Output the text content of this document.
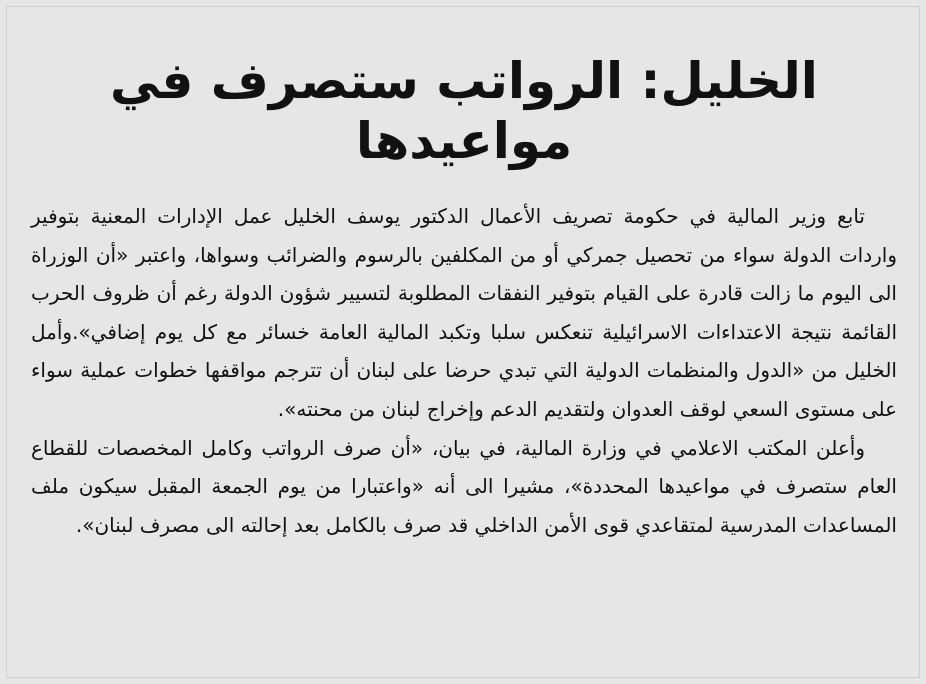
الخليل: الرواتب ستصرف في مواعيدها

تابع وزير المالية في حكومة تصريف الأعمال الدكتور يوسف الخليل عمل الإدارات المعنية بتوفير واردات الدولة سواء من تحصيل جمركي أو من المكلفين بالرسوم والضرائب وسواها، واعتبر «أن الوزراة الى اليوم ما زالت قادرة على القيام بتوفير النفقات المطلوبة لتسيير شؤون الدولة رغم أن ظروف الحرب القائمة نتيجة الاعتداءات الاسرائيلية تنعكس سلبا وتكبد المالية العامة خسائر مع كل يوم إضافي».وأمل الخليل من «الدول والمنظمات الدولية التي تبدي حرضا على لبنان أن تترجم مواقفها خطوات عملية سواء على مستوى السعي لوقف العدوان ولتقديم الدعم وإخراج لبنان من محنته».

وأعلن المكتب الاعلامي في وزارة المالية، في بيان، «أن صرف الرواتب وكامل المخصصات للقطاع العام ستصرف في مواعيدها المحددة»، مشيرا الى أنه «واعتبارا من يوم الجمعة المقبل سيكون ملف المساعدات المدرسية لمتقاعدي قوى الأمن الداخلي قد صرف بالكامل بعد إحالته الى مصرف لبنان».
